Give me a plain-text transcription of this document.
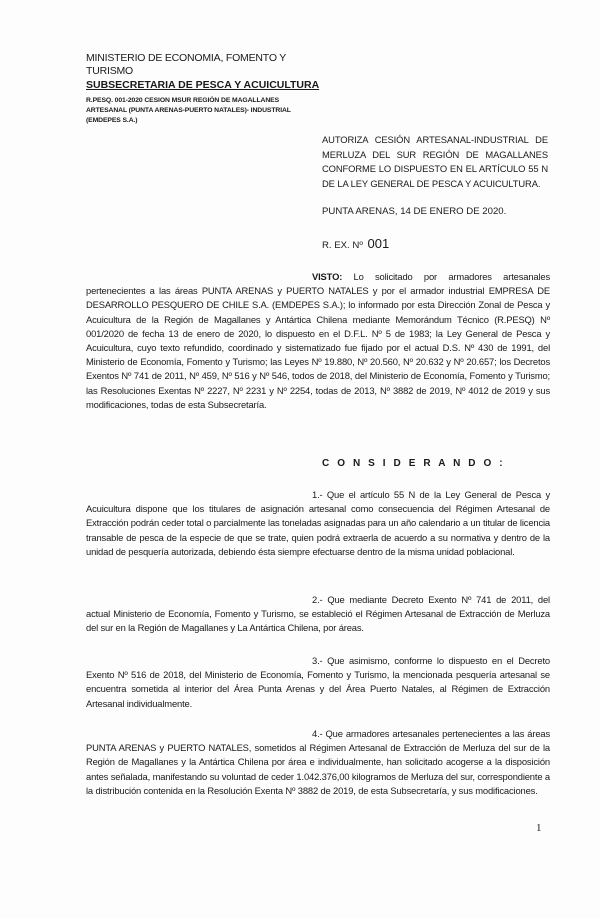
MINISTERIO DE ECONOMIA, FOMENTO Y TURISMO
SUBSECRETARIA DE PESCA Y ACUICULTURA
R.PESQ. 001-2020 CESION MSUR REGIÓN DE MAGALLANES
ARTESANAL (PUNTA ARENAS-PUERTO NATALES)- INDUSTRIAL
(EMDEPES S.A.)
AUTORIZA CESIÓN ARTESANAL-INDUSTRIAL DE MERLUZA DEL SUR REGIÓN DE MAGALLANES CONFORME LO DISPUESTO EN EL ARTÍCULO 55 N DE LA LEY GENERAL DE PESCA Y ACUICULTURA.
PUNTA ARENAS, 14 DE ENERO DE 2020.
R. EX. Nº 001
VISTO: Lo solicitado por armadores artesanales pertenecientes a las áreas PUNTA ARENAS y PUERTO NATALES y por el armador industrial EMPRESA DE DESARROLLO PESQUERO DE CHILE S.A. (EMDEPES S.A.); lo informado por esta Dirección Zonal de Pesca y Acuicultura de la Región de Magallanes y Antártica Chilena mediante Memorándum Técnico (R.PESQ) Nº 001/2020 de fecha 13 de enero de 2020, lo dispuesto en el D.F.L. Nº 5 de 1983; la Ley General de Pesca y Acuicultura, cuyo texto refundido, coordinado y sistematizado fue fijado por el actual D.S. Nº 430 de 1991, del Ministerio de Economía, Fomento y Turismo; las Leyes Nº 19.880, Nº 20.560, Nº 20.632 y Nº 20.657; los Decretos Exentos Nº 741 de 2011, Nº 459, Nº 516 y Nº 546, todos de 2018, del Ministerio de Economía, Fomento y Turismo; las Resoluciones Exentas Nº 2227, Nº 2231 y Nº 2254, todas de 2013, Nº 3882 de 2019, Nº 4012 de 2019 y sus modificaciones, todas de esta Subsecretaría.
C O N S I D E R A N D O :
1.- Que el artículo 55 N de la Ley General de Pesca y Acuicultura dispone que los titulares de asignación artesanal como consecuencia del Régimen Artesanal de Extracción podrán ceder total o parcialmente las toneladas asignadas para un año calendario a un titular de licencia transable de pesca de la especie de que se trate, quien podrá extraerla de acuerdo a su normativa y dentro de la unidad de pesquería autorizada, debiendo ésta siempre efectuarse dentro de la misma unidad poblacional.
2.- Que mediante Decreto Exento Nº 741 de 2011, del actual Ministerio de Economía, Fomento y Turismo, se estableció el Régimen Artesanal de Extracción de Merluza del sur en la Región de Magallanes y La Antártica Chilena, por áreas.
3.- Que asimismo, conforme lo dispuesto en el Decreto Exento Nº 516 de 2018, del Ministerio de Economía, Fomento y Turismo, la mencionada pesquería artesanal se encuentra sometida al interior del Área Punta Arenas y del Área Puerto Natales, al Régimen de Extracción Artesanal individualmente.
4.- Que armadores artesanales pertenecientes a las áreas PUNTA ARENAS y PUERTO NATALES, sometidos al Régimen Artesanal de Extracción de Merluza del sur de la Región de Magallanes y la Antártica Chilena por área e individualmente, han solicitado acogerse a la disposición antes señalada, manifestando su voluntad de ceder 1.042.376,00 kilogramos de Merluza del sur, correspondiente a la distribución contenida en la Resolución Exenta Nº 3882 de 2019, de esta Subsecretaría, y sus modificaciones.
1
